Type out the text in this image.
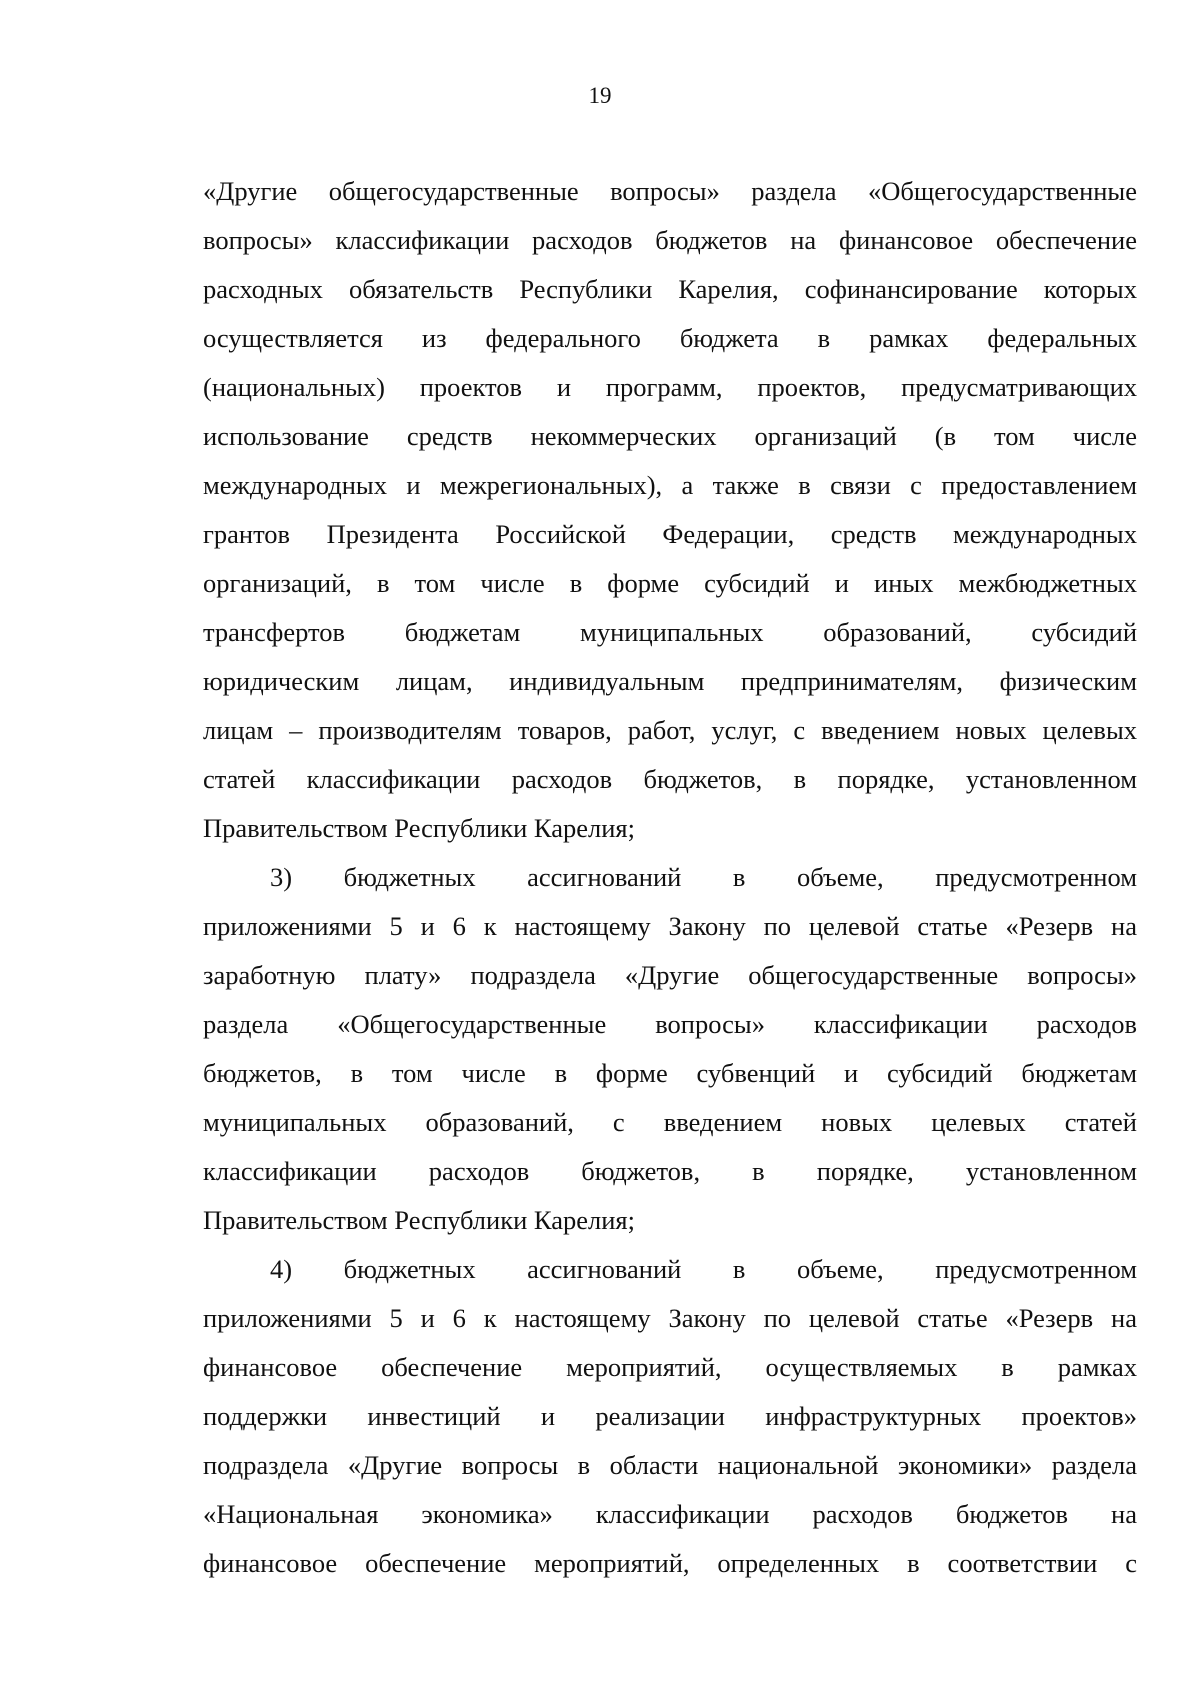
19
«Другие общегосударственные вопросы» раздела «Общегосударственные
вопросы» классификации расходов бюджетов на финансовое обеспечение
расходных обязательств Республики Карелия, софинансирование которых
осуществляется из федерального бюджета в рамках федеральных
(национальных) проектов и программ, проектов, предусматривающих
использование средств некоммерческих организаций (в том числе
международных и межрегиональных), а также в связи с предоставлением
грантов Президента Российской Федерации, средств международных
организаций, в том числе в форме субсидий и иных межбюджетных
трансфертов бюджетам муниципальных образований, субсидий
юридическим лицам, индивидуальным предпринимателям, физическим
лицам – производителям товаров, работ, услуг, с введением новых целевых
статей классификации расходов бюджетов, в порядке, установленном
Правительством Республики Карелия;
3) бюджетных ассигнований в объеме, предусмотренном
приложениями 5 и 6 к настоящему Закону по целевой статье «Резерв на
заработную плату» подраздела «Другие общегосударственные вопросы»
раздела «Общегосударственные вопросы» классификации расходов
бюджетов, в том числе в форме субвенций и субсидий бюджетам
муниципальных образований, с введением новых целевых статей
классификации расходов бюджетов, в порядке, установленном
Правительством Республики Карелия;
4) бюджетных ассигнований в объеме, предусмотренном
приложениями 5 и 6 к настоящему Закону по целевой статье «Резерв на
финансовое обеспечение мероприятий, осуществляемых в рамках
поддержки инвестиций и реализации инфраструктурных проектов»
подраздела «Другие вопросы в области национальной экономики» раздела
«Национальная экономика» классификации расходов бюджетов на
финансовое обеспечение мероприятий, определенных в соответствии с
